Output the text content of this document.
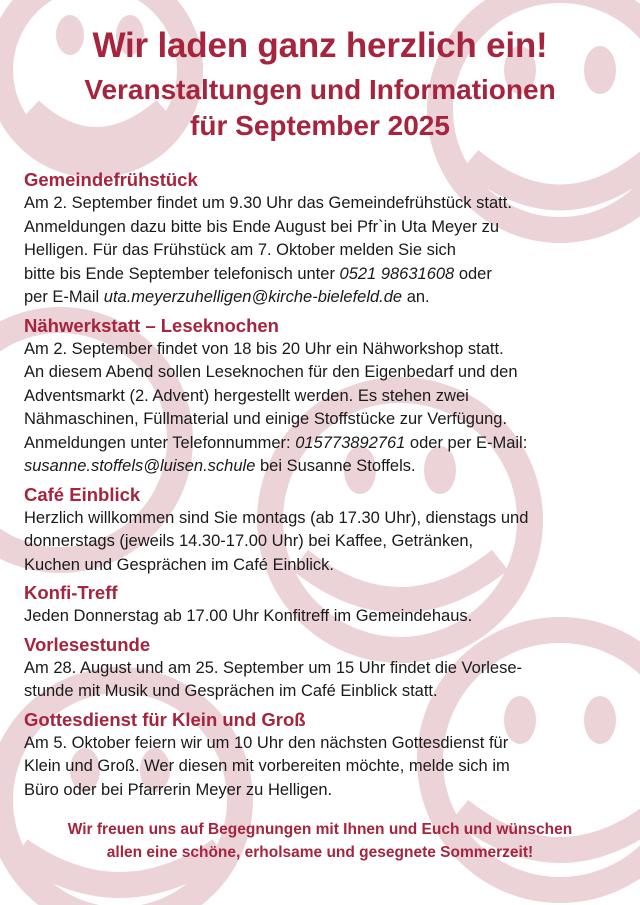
Wir laden ganz herzlich ein!
Veranstaltungen und Informationen
für September 2025
Gemeindefrühstück
Am 2. September findet um 9.30 Uhr das Gemeindefrühstück statt.
Anmeldungen dazu bitte bis Ende August bei Pfr`in Uta Meyer zu
Helligen. Für das Frühstück am 7. Oktober melden Sie sich
bitte bis Ende September telefonisch unter 0521 98631608 oder
per E-Mail uta.meyerzuhelligen@kirche-bielefeld.de an.
Nähwerkstatt – Leseknochen
Am 2. September findet von 18 bis 20 Uhr ein Nähworkshop statt.
An diesem Abend sollen Leseknochen für den Eigenbedarf und den
Adventsmarkt (2. Advent) hergestellt werden. Es stehen zwei
Nähmaschinen, Füllmaterial und einige Stoffstücke zur Verfügung.
Anmeldungen unter Telefonnummer: 015773892761 oder per E-Mail:
susanne.stoffels@luisen.schule bei Susanne Stoffels.
Café Einblick
Herzlich willkommen sind Sie montags (ab 17.30 Uhr), dienstags und
donnerstags (jeweils 14.30-17.00 Uhr) bei Kaffee, Getränken,
Kuchen und Gesprächen im Café Einblick.
Konfi-Treff
Jeden Donnerstag ab 17.00 Uhr Konfitreff im Gemeindehaus.
Vorlesestunde
Am 28. August und am 25. September um 15 Uhr findet die Vorlese-
stunde mit Musik und Gesprächen im Café Einblick statt.
Gottesdienst für Klein und Groß
Am 5. Oktober feiern wir um 10 Uhr den nächsten Gottesdienst für
Klein und Groß. Wer diesen mit vorbereiten möchte, melde sich im
Büro oder bei Pfarrerin Meyer zu Helligen.
Wir freuen uns auf Begegnungen mit Ihnen und Euch und wünschen
allen eine schöne, erholsame und gesegnete Sommerzeit!
